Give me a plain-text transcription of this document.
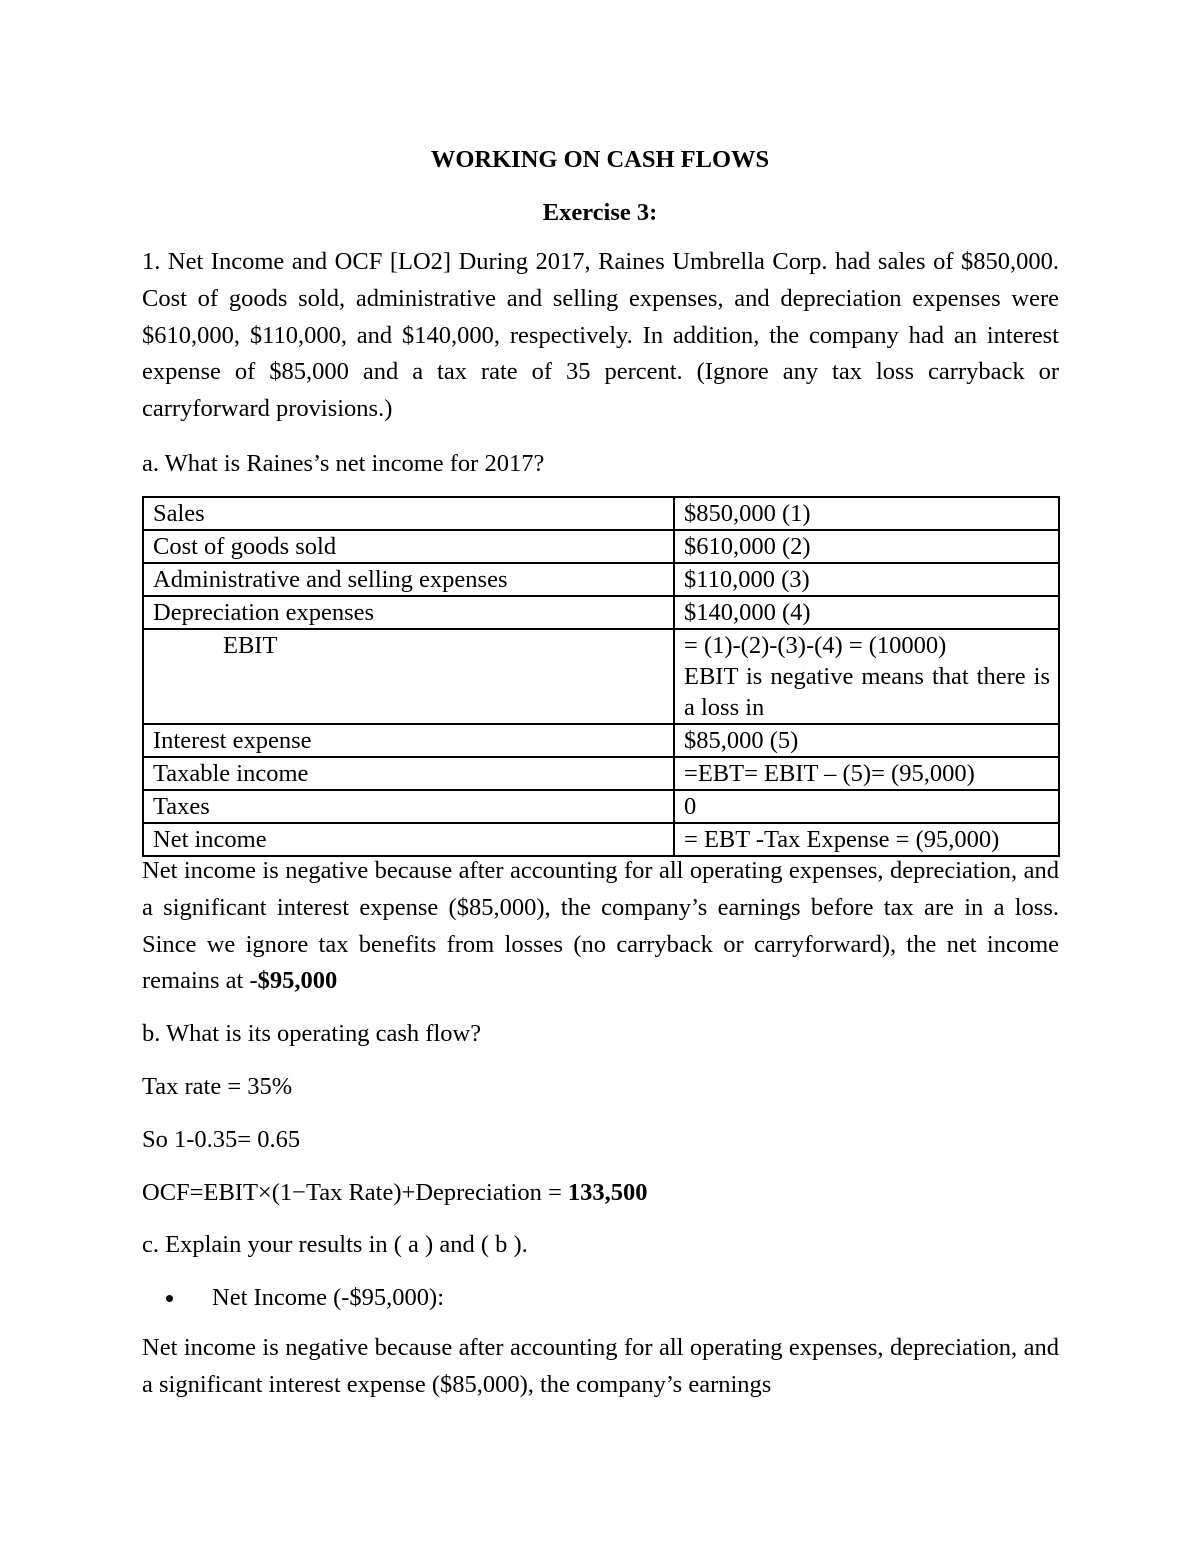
WORKING ON CASH FLOWS
Exercise 3:

1. Net Income and OCF [LO2] During 2017, Raines Umbrella Corp. had sales of $850,000. Cost of goods sold, administrative and selling expenses, and depreciation expenses were $610,000, $110,000, and $140,000, respectively. In addition, the company had an interest expense of $85,000 and a tax rate of 35 percent. (Ignore any tax loss carryback or carryforward provisions.)

a. What is Raines’s net income for 2017?

Sales	$850,000 (1)
Cost of goods sold	$610,000 (2)
Administrative and selling expenses	$110,000 (3)
Depreciation expenses	$140,000 (4)
EBIT	= (1)-(2)-(3)-(4) = (10000)
EBIT is negative means that there is a loss in

Interest expense	$85,000 (5)
Taxable income	=EBT= EBIT – (5)= (95,000)
Taxes	0
Net income	= EBT -Tax Expense = (95,000)

Net income is negative because after accounting for all operating expenses, depreciation, and a significant interest expense ($85,000), the company’s earnings before tax are in a loss. Since we ignore tax benefits from losses (no carryback or carryforward), the net income remains at -$95,000

b. What is its operating cash flow?

Tax rate = 35%

So 1-0.35= 0.65

OCF=EBIT×(1−Tax Rate)+Depreciation = 133,500

c. Explain your results in ( a ) and ( b ).

Net Income (-$95,000):

Net income is negative because after accounting for all operating expenses, depreciation, and a significant interest expense ($85,000), the company’s earnings
